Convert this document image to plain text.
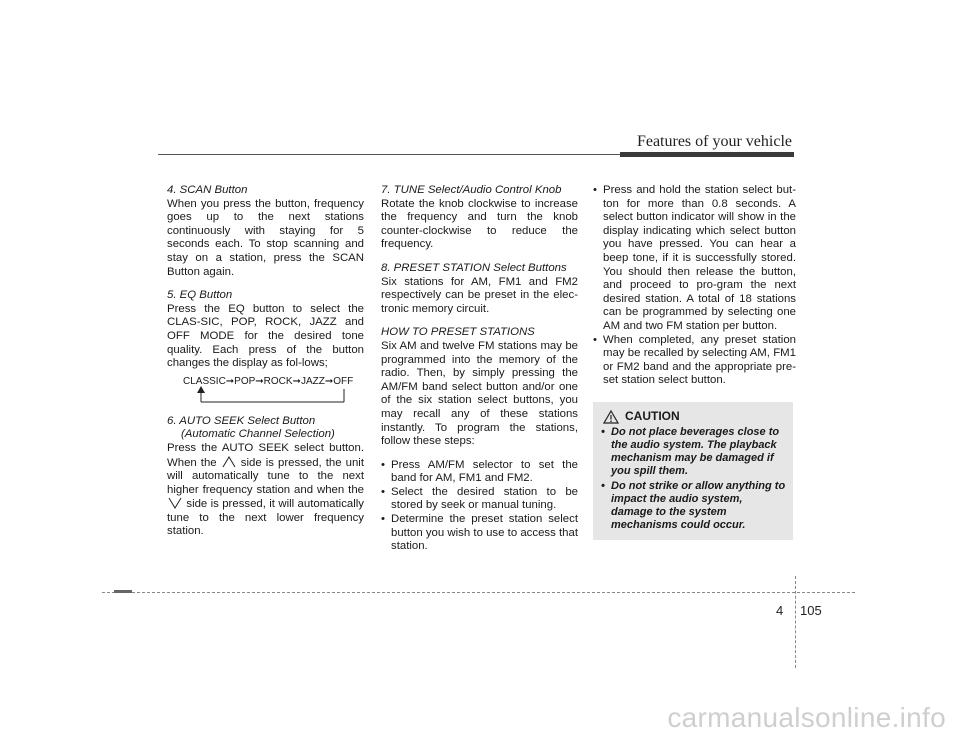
Features of your vehicle

4. SCAN Button

When you press the button, frequency goes up to the next stations continuously with staying for 5 seconds each. To stop scanning and stay on a station, press the SCAN Button again.

5. EQ Button

Press the EQ button to select the CLAS-SIC, POP, ROCK, JAZZ and OFF MODE for the desired tone quality. Each press of the button changes the display as fol-lows;

CLASSIC➞POP➞ROCK➞JAZZ➞OFF

6. AUTO SEEK Select Button

(Automatic Channel Selection)

Press the AUTO SEEK select button. When the side is pressed, the unit will automatically tune to the next higher frequency station and when the  side is pressed, it will automatically tune to the next lower frequency station.

7. TUNE Select/Audio Control Knob

Rotate the knob clockwise to increase the frequency and turn the knob counter-clockwise to reduce the frequency.

8. PRESET STATION Select Buttons

Six stations for AM, FM1 and FM2 respectively can be preset in the elec-tronic memory circuit.

HOW TO PRESET STATIONS

Six AM and twelve FM stations may be programmed into the memory of the radio. Then, by simply pressing the AM/FM band select button and/or one of the six station select buttons, you may recall any of these stations instantly. To program the stations, follow these steps:

• Press AM/FM selector to set the band for AM, FM1 and FM2.
• Select the desired station to be stored by seek or manual tuning.
• Determine the preset station select button you wish to use to access that station.
• Press and hold the station select but-ton for more than 0.8 seconds. A select button indicator will show in the display indicating which select button you have pressed. You can hear a beep tone, if it is successfully stored. You should then release the button, and proceed to pro-gram the next desired station. A total of 18 stations can be programmed by selecting one AM and two FM station per button.
• When completed, any preset station may be recalled by selecting AM, FM1 or FM2 band and the appropriate pre-set station select button.
CAUTION
• Do not place beverages close to the audio system. The playback mechanism may be damaged if you spill them.
• Do not strike or allow anything to impact the audio system, damage to the system mechanisms could occur.
4 105
carmanualsonline.info
